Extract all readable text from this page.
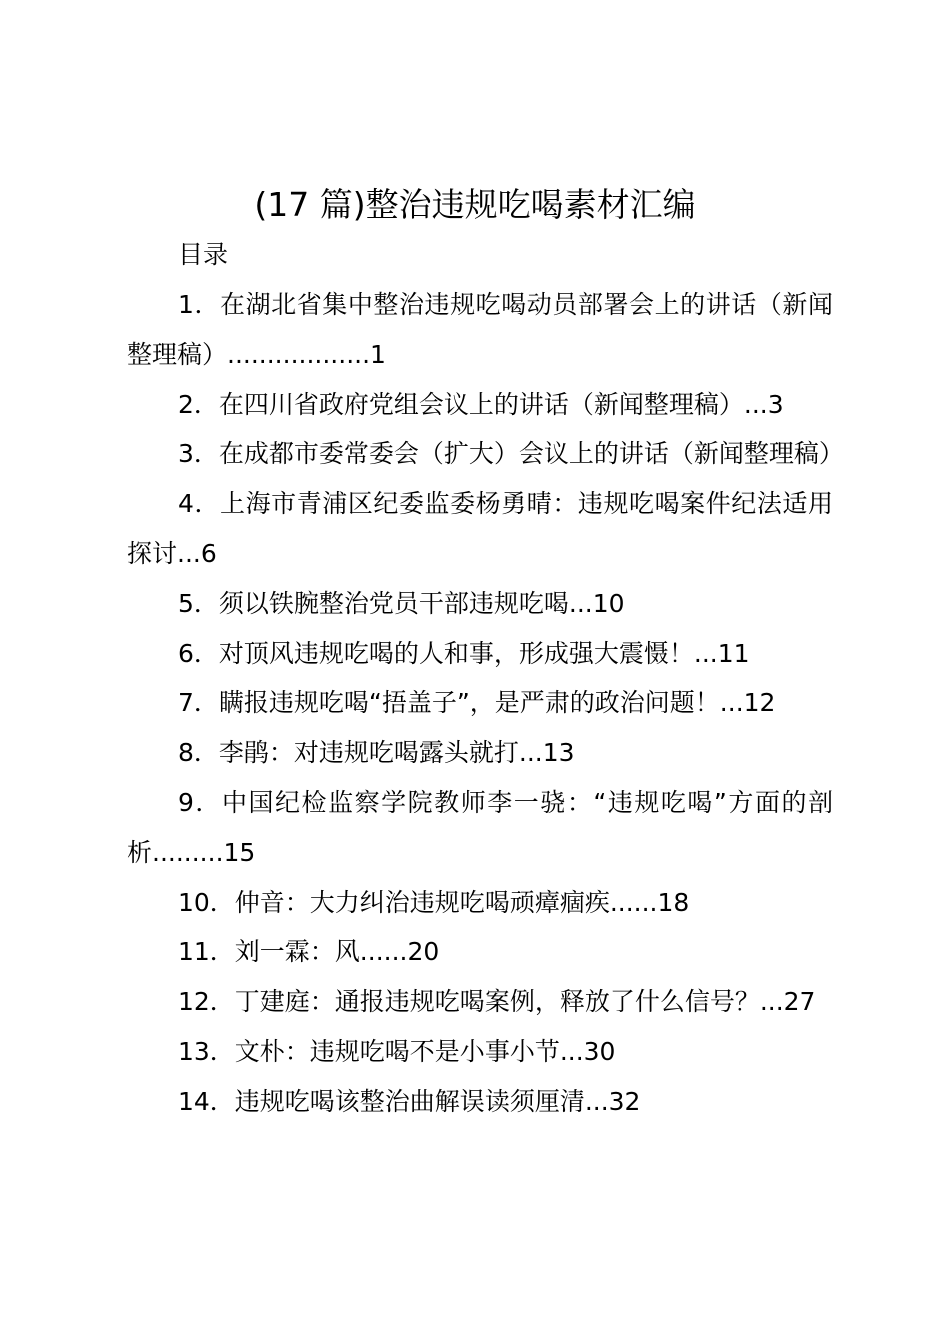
(17 篇)整治违规吃喝素材汇编
目录
1．在湖北省集中整治违规吃喝动员部署会上的讲话（新闻整理稿）..................1
2．在四川省政府党组会议上的讲话（新闻整理稿）...3
3．在成都市委常委会（扩大）会议上的讲话（新闻整理稿）
4．上海市青浦区纪委监委杨勇晴：违规吃喝案件纪法适用探讨...6
5．须以铁腕整治党员干部违规吃喝...10
6．对顶风违规吃喝的人和事，形成强大震慑！...11
7．瞒报违规吃喝“捂盖子”，是严肃的政治问题！...12
8．李鹃：对违规吃喝露头就打...13
9．中国纪检监察学院教师李一骁：“违规吃喝”方面的剖析.........15
10．仲音：大力纠治违规吃喝顽瘴痼疾......18
11．刘一霖：风......20
12．丁建庭：通报违规吃喝案例，释放了什么信号？...27
13．文朴：违规吃喝不是小事小节...30
14．违规吃喝该整治曲解误读须厘清...32
